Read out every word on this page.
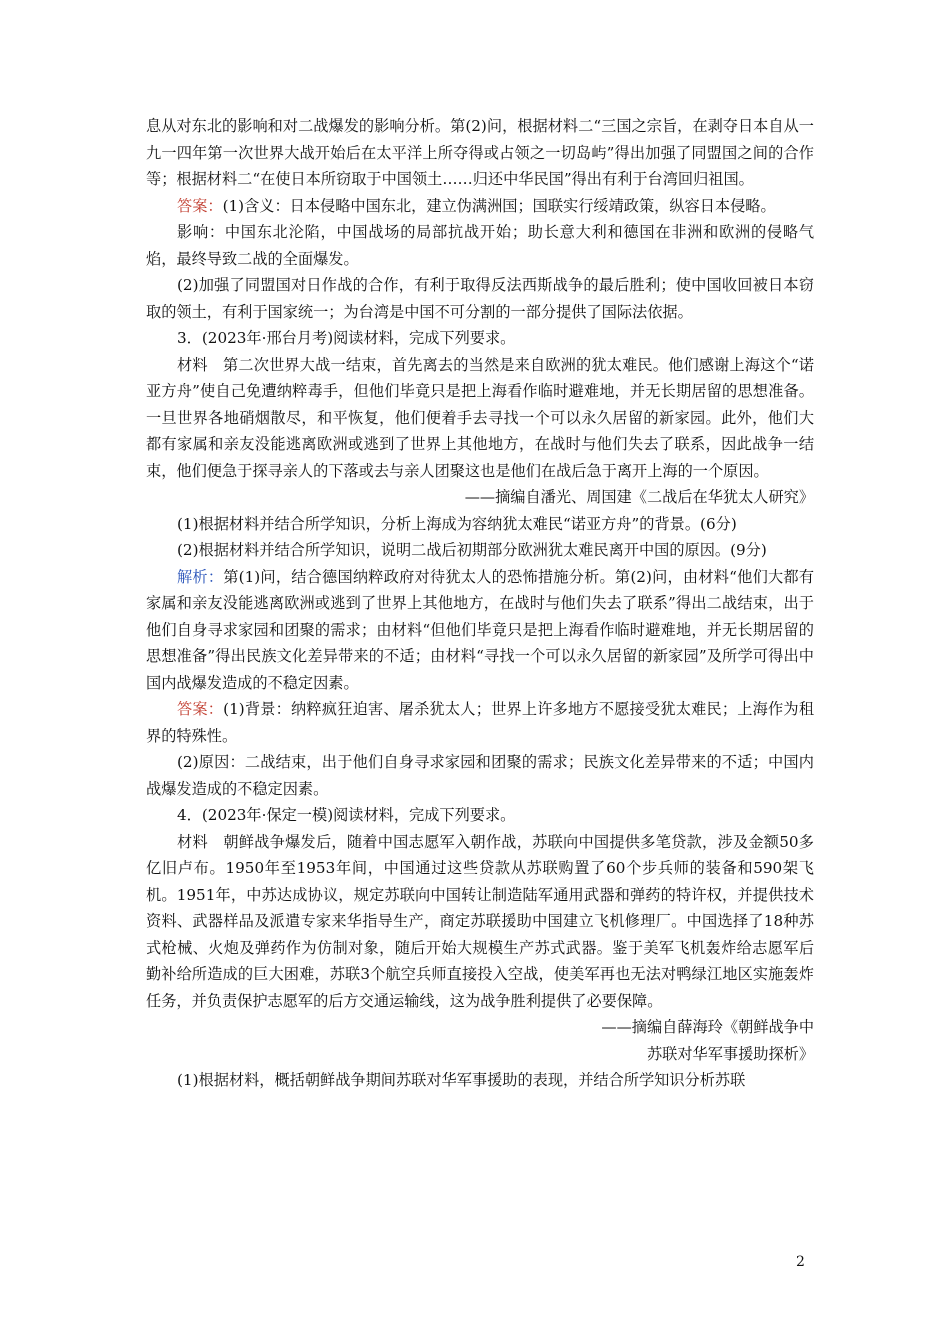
息从对东北的影响和对二战爆发的影响分析。第(2)问，根据材料二“三国之宗旨，在剥夺日本自从一九一四年第一次世界大战开始后在太平洋上所夺得或占领之一切岛屿”得出加强了同盟国之间的合作等；根据材料二“在使日本所窃取于中国领土……归还中华民国”得出有利于台湾回归祖国。

答案：(1)含义：日本侵略中国东北，建立伪满洲国；国联实行绥靖政策，纵容日本侵略。

影响：中国东北沦陷，中国战场的局部抗战开始；助长意大利和德国在非洲和欧洲的侵略气焰，最终导致二战的全面爆发。

(2)加强了同盟国对日作战的合作，有利于取得反法西斯战争的最后胜利；使中国收回被日本窃取的领土，有利于国家统一；为台湾是中国不可分割的一部分提供了国际法依据。

3．(2023年·邢台月考)阅读材料，完成下列要求。

材料　第二次世界大战一结束，首先离去的当然是来自欧洲的犹太难民。他们感谢上海这个“诺亚方舟”使自己免遭纳粹毒手，但他们毕竟只是把上海看作临时避难地，并无长期居留的思想准备。一旦世界各地硝烟散尽，和平恢复，他们便着手去寻找一个可以永久居留的新家园。此外，他们大都有家属和亲友没能逃离欧洲或逃到了世界上其他地方，在战时与他们失去了联系，因此战争一结束，他们便急于探寻亲人的下落或去与亲人团聚这也是他们在战后急于离开上海的一个原因。

——摘编自潘光、周国建《二战后在华犹太人研究》

(1)根据材料并结合所学知识，分析上海成为容纳犹太难民“诺亚方舟”的背景。(6分)

(2)根据材料并结合所学知识，说明二战后初期部分欧洲犹太难民离开中国的原因。(9分)

解析：第(1)问，结合德国纳粹政府对待犹太人的恐怖措施分析。第(2)问，由材料“他们大都有家属和亲友没能逃离欧洲或逃到了世界上其他地方，在战时与他们失去了联系”得出二战结束，出于他们自身寻求家园和团聚的需求；由材料“但他们毕竟只是把上海看作临时避难地，并无长期居留的思想准备”得出民族文化差异带来的不适；由材料“寻找一个可以永久居留的新家园”及所学可得出中国内战爆发造成的不稳定因素。

答案：(1)背景：纳粹疯狂迫害、屠杀犹太人；世界上许多地方不愿接受犹太难民；上海作为租界的特殊性。

(2)原因：二战结束，出于他们自身寻求家园和团聚的需求；民族文化差异带来的不适；中国内战爆发造成的不稳定因素。

4．(2023年·保定一模)阅读材料，完成下列要求。

材料　朝鲜战争爆发后，随着中国志愿军入朝作战，苏联向中国提供多笔贷款，涉及金额50多亿旧卢布。1950年至1953年间，中国通过这些贷款从苏联购置了60个步兵师的装备和590架飞机。1951年，中苏达成协议，规定苏联向中国转让制造陆军通用武器和弹药的特许权，并提供技术资料、武器样品及派遣专家来华指导生产，商定苏联援助中国建立飞机修理厂。中国选择了18种苏式枪械、火炮及弹药作为仿制对象，随后开始大规模生产苏式武器。鉴于美军飞机轰炸给志愿军后勤补给所造成的巨大困难，苏联3个航空兵师直接投入空战，使美军再也无法对鸭绿江地区实施轰炸任务，并负责保护志愿军的后方交通运输线，这为战争胜利提供了必要保障。

——摘编自薛海玲《朝鲜战争中

苏联对华军事援助探析》

(1)根据材料，概括朝鲜战争期间苏联对华军事援助的表现，并结合所学知识分析苏联

2
